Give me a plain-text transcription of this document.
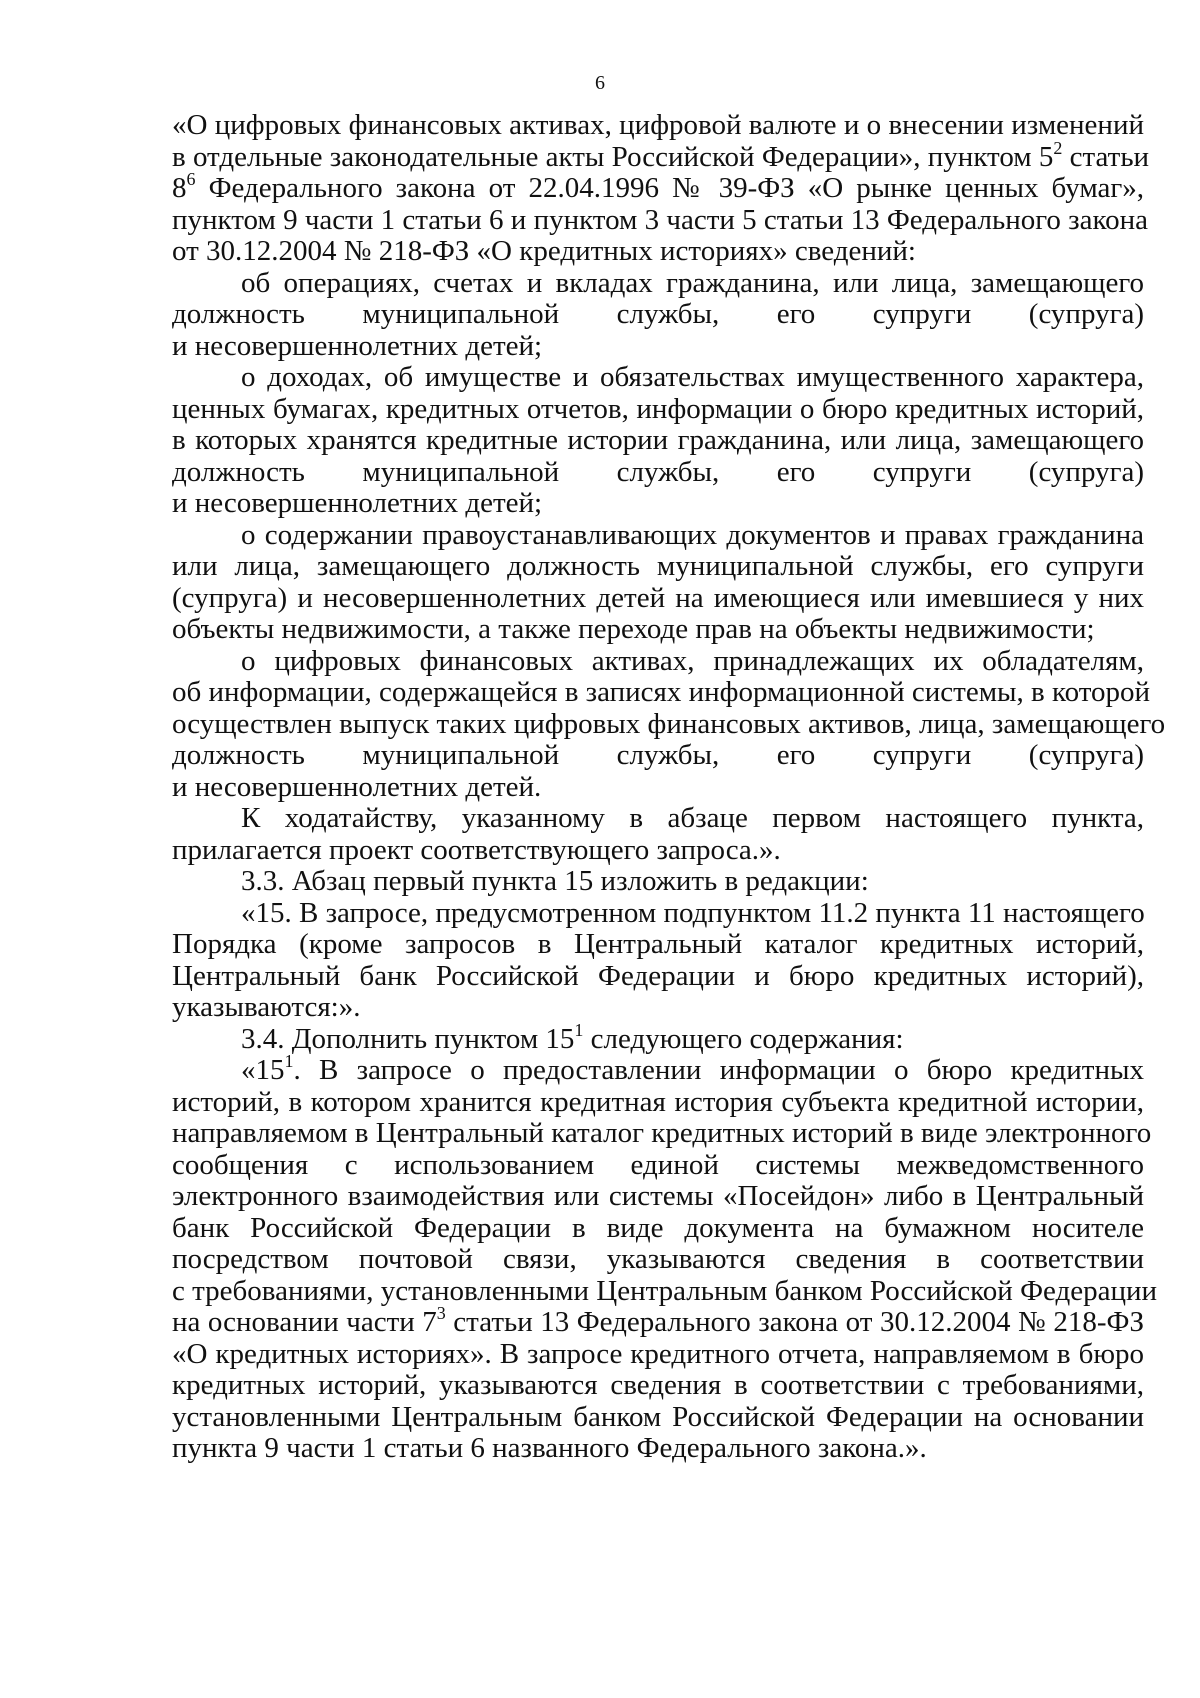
6
«О цифровых финансовых активах, цифровой валюте и о внесении изменений
в отдельные законодательные акты Российской Федерации», пунктом $5^2$ статьи
$8^6$ Федерального закона от 22.04.1996 № 39-ФЗ «О рынке ценных бумаг»,
пунктом 9 части 1 статьи 6 и пунктом 3 части 5 статьи 13 Федерального закона
от 30.12.2004 № 218-ФЗ «О кредитных историях» сведений:
об операциях, счетах и вкладах гражданина, или лица, замещающего
должность муниципальной службы, его супруги (супруга)
и несовершеннолетних детей;
о доходах, об имуществе и обязательствах имущественного характера,
ценных бумагах, кредитных отчетов, информации о бюро кредитных историй,
в которых хранятся кредитные истории гражданина, или лица, замещающего
должность муниципальной службы, его супруги (супруга)
и несовершеннолетних детей;
о содержании правоустанавливающих документов и правах гражданина
или лица, замещающего должность муниципальной службы, его супруги
(супруга) и несовершеннолетних детей на имеющиеся или имевшиеся у них
объекты недвижимости, а также переходе прав на объекты недвижимости;
о цифровых финансовых активах, принадлежащих их обладателям,
об информации, содержащейся в записях информационной системы, в которой
осуществлен выпуск таких цифровых финансовых активов, лица, замещающего
должность муниципальной службы, его супруги (супруга)
и несовершеннолетних детей.
К ходатайству, указанному в абзаце первом настоящего пункта,
прилагается проект соответствующего запроса.».
3.3. Абзац первый пункта 15 изложить в редакции:
«15. В запросе, предусмотренном подпунктом 11.2 пункта 11 настоящего
Порядка (кроме запросов в Центральный каталог кредитных историй,
Центральный банк Российской Федерации и бюро кредитных историй),
указываются:».
3.4. Дополнить пунктом $15^1$ следующего содержания:
«$15^1$. В запросе о предоставлении информации о бюро кредитных
историй, в котором хранится кредитная история субъекта кредитной истории,
направляемом в Центральный каталог кредитных историй в виде электронного
сообщения с использованием единой системы межведомственного
электронного взаимодействия или системы «Посейдон» либо в Центральный
банк Российской Федерации в виде документа на бумажном носителе
посредством почтовой связи, указываются сведения в соответствии
с требованиями, установленными Центральным банком Российской Федерации
на основании части $7^3$ статьи 13 Федерального закона от 30.12.2004 № 218-ФЗ
«О кредитных историях». В запросе кредитного отчета, направляемом в бюро
кредитных историй, указываются сведения в соответствии с требованиями,
установленными Центральным банком Российской Федерации на основании
пункта 9 части 1 статьи 6 названного Федерального закона.».
